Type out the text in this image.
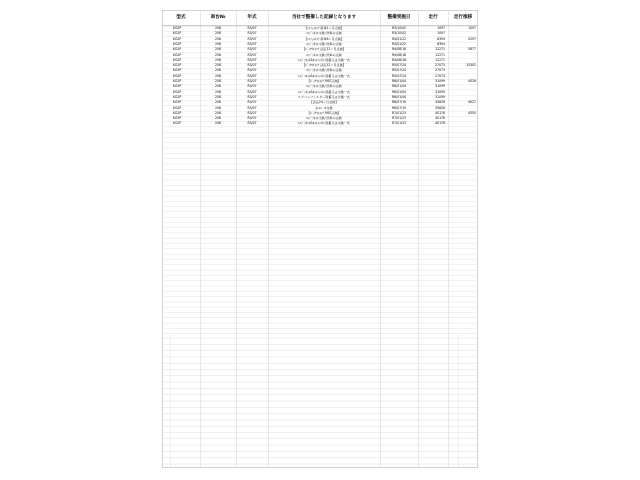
型式	車台№	年式	当社で整備した記録となります	整備実施日	走行	走行推移
KG2P	208	R3/07	【ﾒｯﾌｪﾙﾒﾝﾃ 新車1ヶ月点検】	R3/10/02	1097	1097
KG2P	208	R3/07	ｴﾝｼﾞﾝｵｲﾙ交換･洗車の点検	R3/10/02	1097
KG2P	208	R3/07	【ﾒｯﾌｪﾙﾒﾝﾃ 新車6ヶ月点検】	R4/01/22	6394	5297
KG2P	208	R3/07	ｴﾝｼﾞﾝｵｲﾙ交換･洗車の点検	R4/01/22	6394
KG2P	208	R3/07	【ﾊﾟｯｸｳﾙﾒﾝﾃ 法定12ヶ月点検】	R4/08/18	12271	5877
KG2P	208	R3/07	ｴﾝｼﾞﾝｵｲﾙ交換･洗車の点検	R4/08/18	12271
KG2P	208	R3/07	ｴﾝｼﾞﾝｵｲﾙ&ｵｲﾙﾌｨﾙﾀｰ別番又は交換一式	R4/08/18	12271
KG2P	208	R3/07	【ﾊﾟｯｸｳﾙﾒﾝﾃ 法定12ヶ月点検】	R5/07/24	27073	15302
KG2P	208	R3/07	ｴﾝｼﾞﾝｵｲﾙ交換･洗車の点検	R5/07/24	27073
KG2P	208	R3/07	ｴﾝｼﾞﾝｵｲﾙ&ｵｲﾙﾌｨﾙﾀｰ別番又は交換一式	R5/07/24	27073
KG2P	208	R3/07	【ﾊﾟｯｸｳﾙﾒﾝﾃ MSC点検】	R6/01/04	31099	4026
KG2P	208	R3/07	ｴﾝｼﾞﾝｵｲﾙ交換･洗車の点検	R6/01/04	31099
KG2P	208	R3/07	ｴﾝｼﾞﾝｵｲﾙ&ｵｲﾙﾌｨﾙﾀｰ別番又は交換一式	R6/01/04	31099
KG2P	208	R3/07	エアコンフィルター別番又は交換一式	R6/01/04	31099
KG2P	208	R3/07	【法定24ヶ月点検】	R6/07/19	35826	4027
KG2P	208	R3/07	ｵｲﾙﾊﾟｯｸ交換	R6/07/19	35826
KG2P	208	R3/07	【ﾊﾟｯｸｳﾙﾒﾝﾃ MSC点検】	R7/01/23	40176	4550
KG2P	208	R3/07	ｴﾝｼﾞﾝｵｲﾙ交換･洗車の点検	R7/01/23	40176
KG2P	208	R3/07	ｴﾝｼﾞﾝｵｲﾙ&ｵｲﾙﾌｨﾙﾀｰ別番又は交換一式	R7/01/23	40176
